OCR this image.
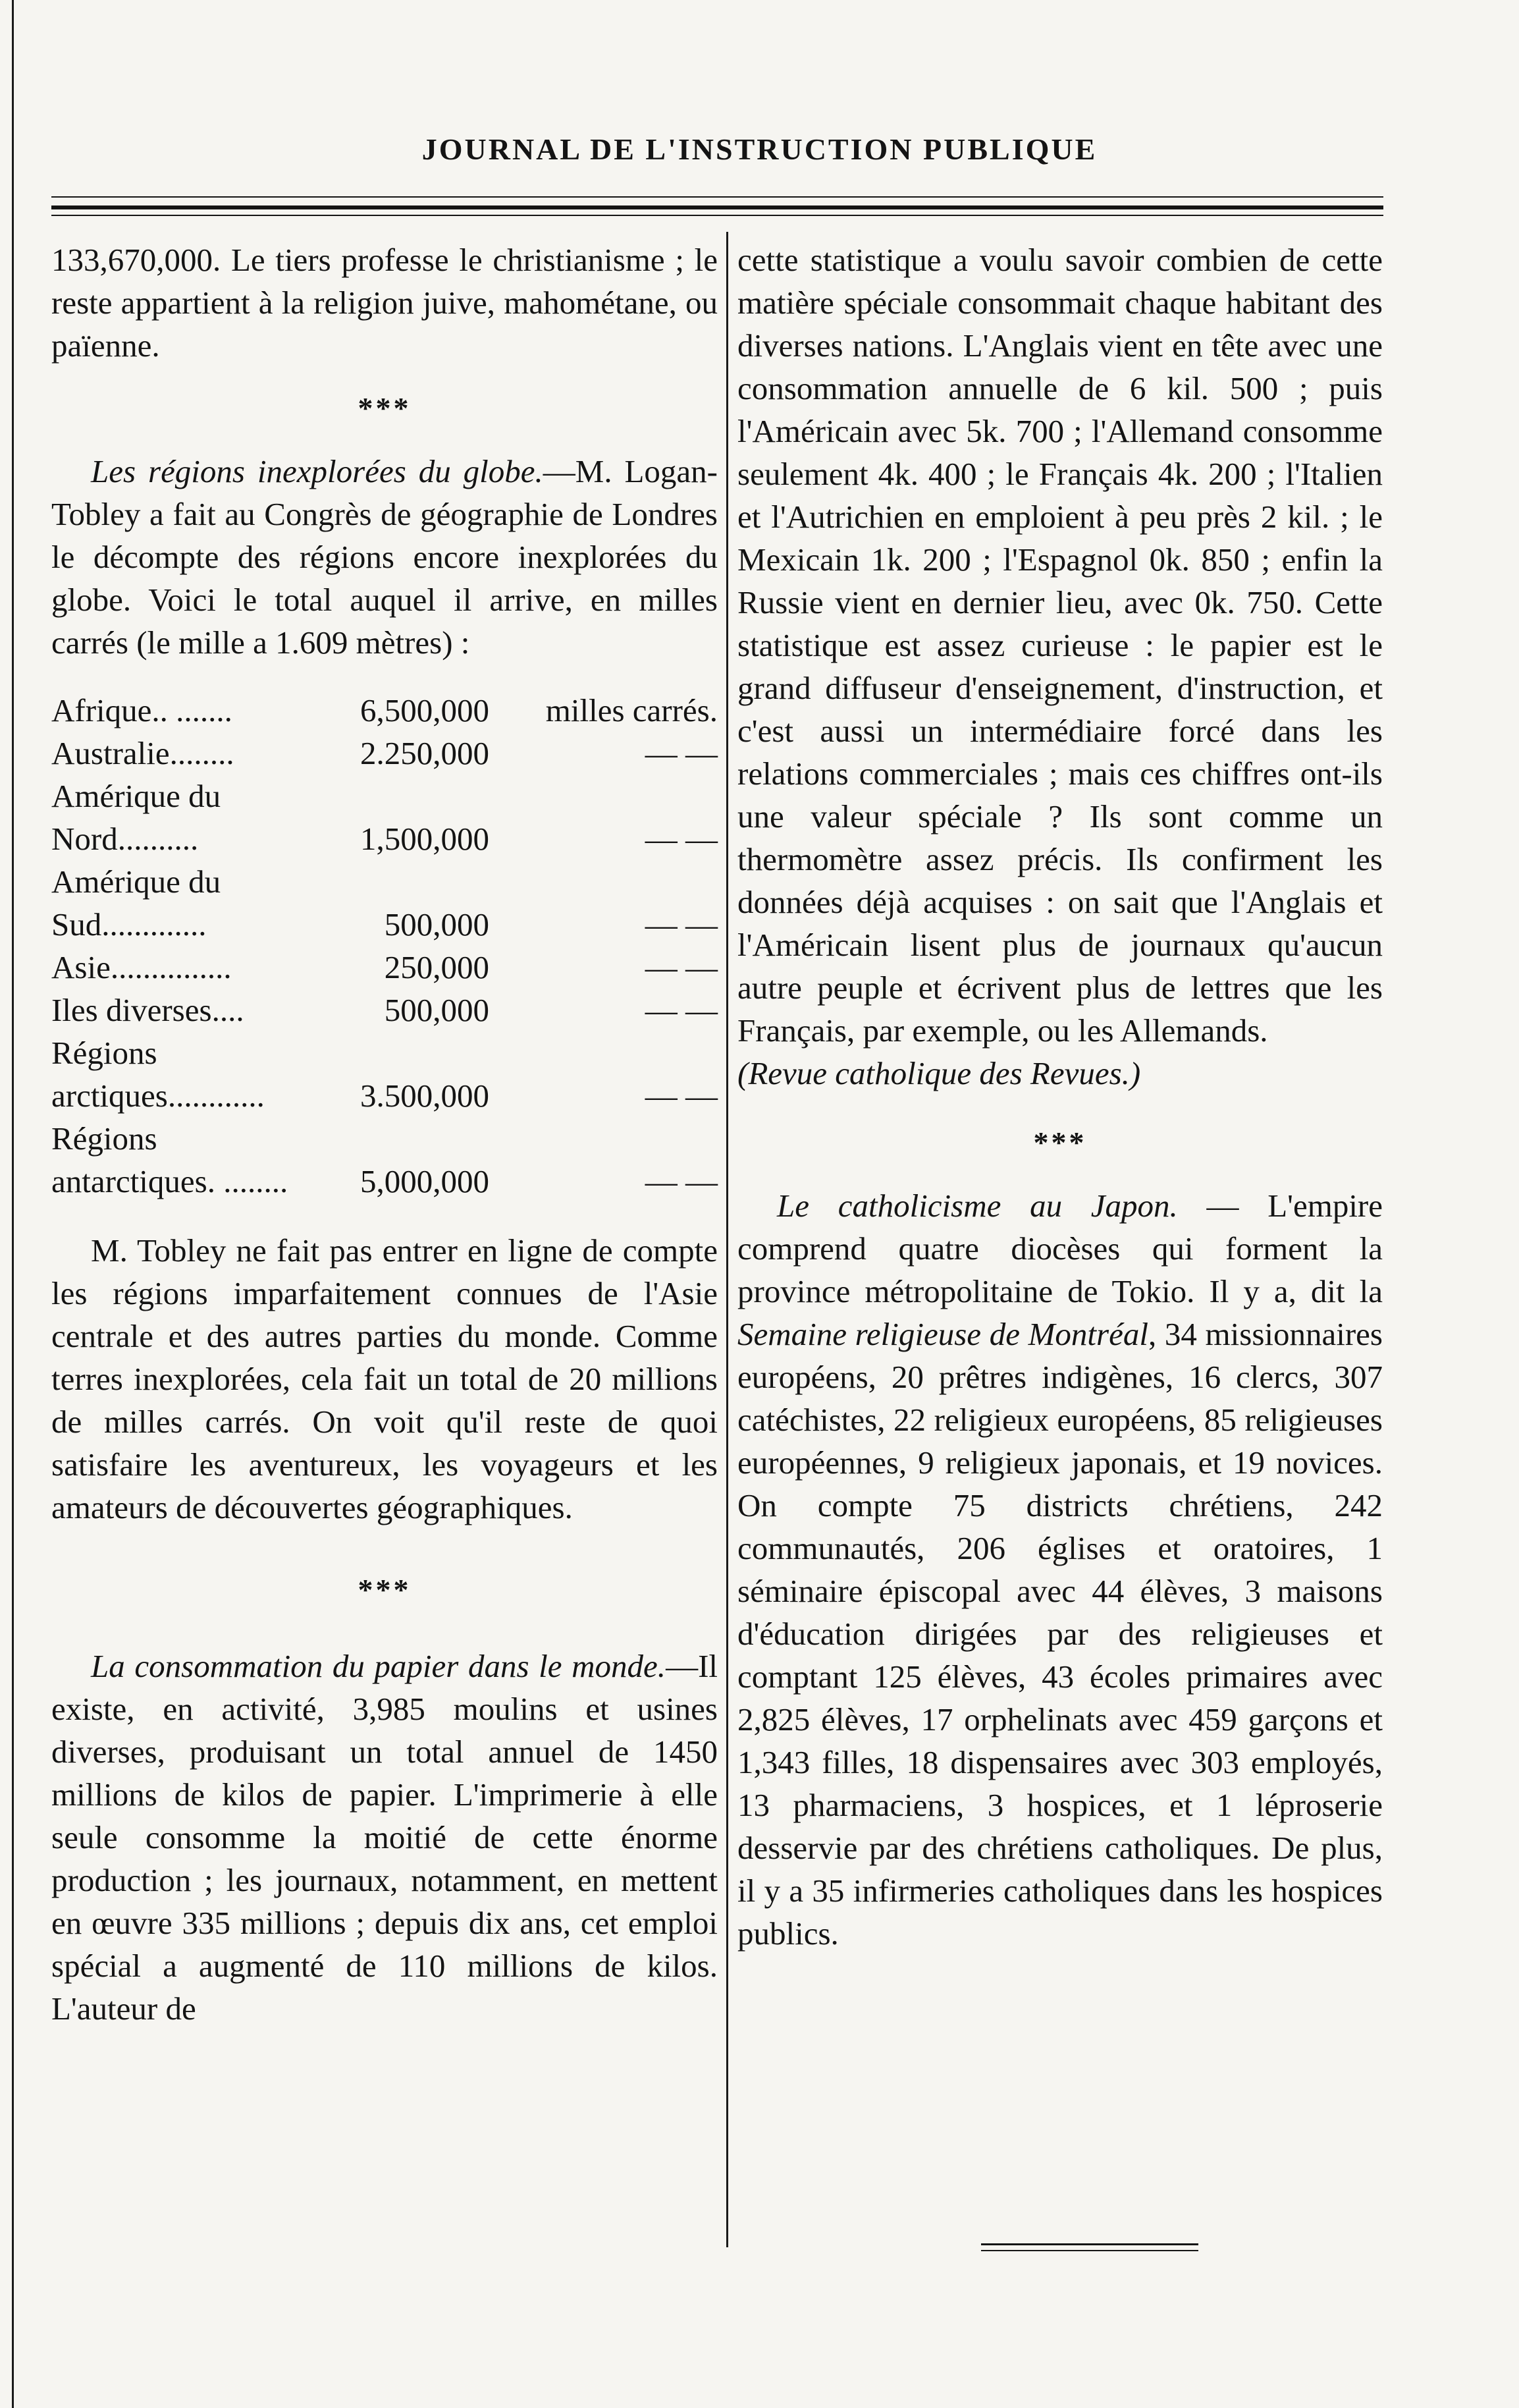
JOURNAL DE L'INSTRUCTION PUBLIQUE

133,670,000. Le tiers professe le christianisme ; le reste appartient à la religion juive, mahométane, ou païenne.

***

Les régions inexplorées du globe.—M. Logan-Tobley a fait au Congrès de géographie de Londres le décompte des régions encore inexplorées du globe. Voici le total auquel il arrive, en milles carrés (le mille a 1.609 mètres) :

Afrique.. .......	6,500,000	milles carrés.
Australie........	2.250,000	— —
Amérique du Nord..........	1,500,000	— —
Amérique du Sud.............	500,000	— —
Asie...............	250,000	— —
Iles diverses....	500,000	— —
Régions arctiques............	3.500,000	— —
Régions antarctiques. ........	5,000,000	— —

M. Tobley ne fait pas entrer en ligne de compte les régions imparfaitement connues de l'Asie centrale et des autres parties du monde. Comme terres inexplorées, cela fait un total de 20 millions de milles carrés. On voit qu'il reste de quoi satisfaire les aventureux, les voyageurs et les amateurs de découvertes géographiques.

***

La consommation du papier dans le monde.—Il existe, en activité, 3,985 moulins et usines diverses, produisant un total annuel de 1450 millions de kilos de papier. L'imprimerie à elle seule consomme la moitié de cette énorme production ; les journaux, notamment, en mettent en œuvre 335 millions ; depuis dix ans, cet emploi spécial a augmenté de 110 millions de kilos. L'auteur de

cette statistique a voulu savoir combien de cette matière spéciale consommait chaque habitant des diverses nations. L'Anglais vient en tête avec une consommation annuelle de 6 kil. 500 ; puis l'Américain avec 5k. 700 ; l'Allemand consomme seulement 4k. 400 ; le Français 4k. 200 ; l'Italien et l'Autrichien en emploient à peu près 2 kil. ; le Mexicain 1k. 200 ; l'Espagnol 0k. 850 ; enfin la Russie vient en dernier lieu, avec 0k. 750. Cette statistique est assez curieuse : le papier est le grand diffuseur d'enseignement, d'instruction, et c'est aussi un intermédiaire forcé dans les relations commerciales ; mais ces chiffres ont-ils une valeur spéciale ? Ils sont comme un thermomètre assez précis. Ils confirment les données déjà acquises : on sait que l'Anglais et l'Américain lisent plus de journaux qu'aucun autre peuple et écrivent plus de lettres que les Français, par exemple, ou les Allemands.

(Revue catholique des Revues.)

***

Le catholicisme au Japon. — L'empire comprend quatre diocèses qui forment la province métropolitaine de Tokio. Il y a, dit la Semaine religieuse de Montréal, 34 missionnaires européens, 20 prêtres indigènes, 16 clercs, 307 catéchistes, 22 religieux européens, 85 religieuses européennes, 9 religieux japonais, et 19 novices. On compte 75 districts chrétiens, 242 communautés, 206 églises et oratoires, 1 séminaire épiscopal avec 44 élèves, 3 maisons d'éducation dirigées par des religieuses et comptant 125 élèves, 43 écoles primaires avec 2,825 élèves, 17 orphelinats avec 459 garçons et 1,343 filles, 18 dispensaires avec 303 employés, 13 pharmaciens, 3 hospices, et 1 léproserie desservie par des chrétiens catholiques. De plus, il y a 35 infirmeries catholiques dans les hospices publics.
